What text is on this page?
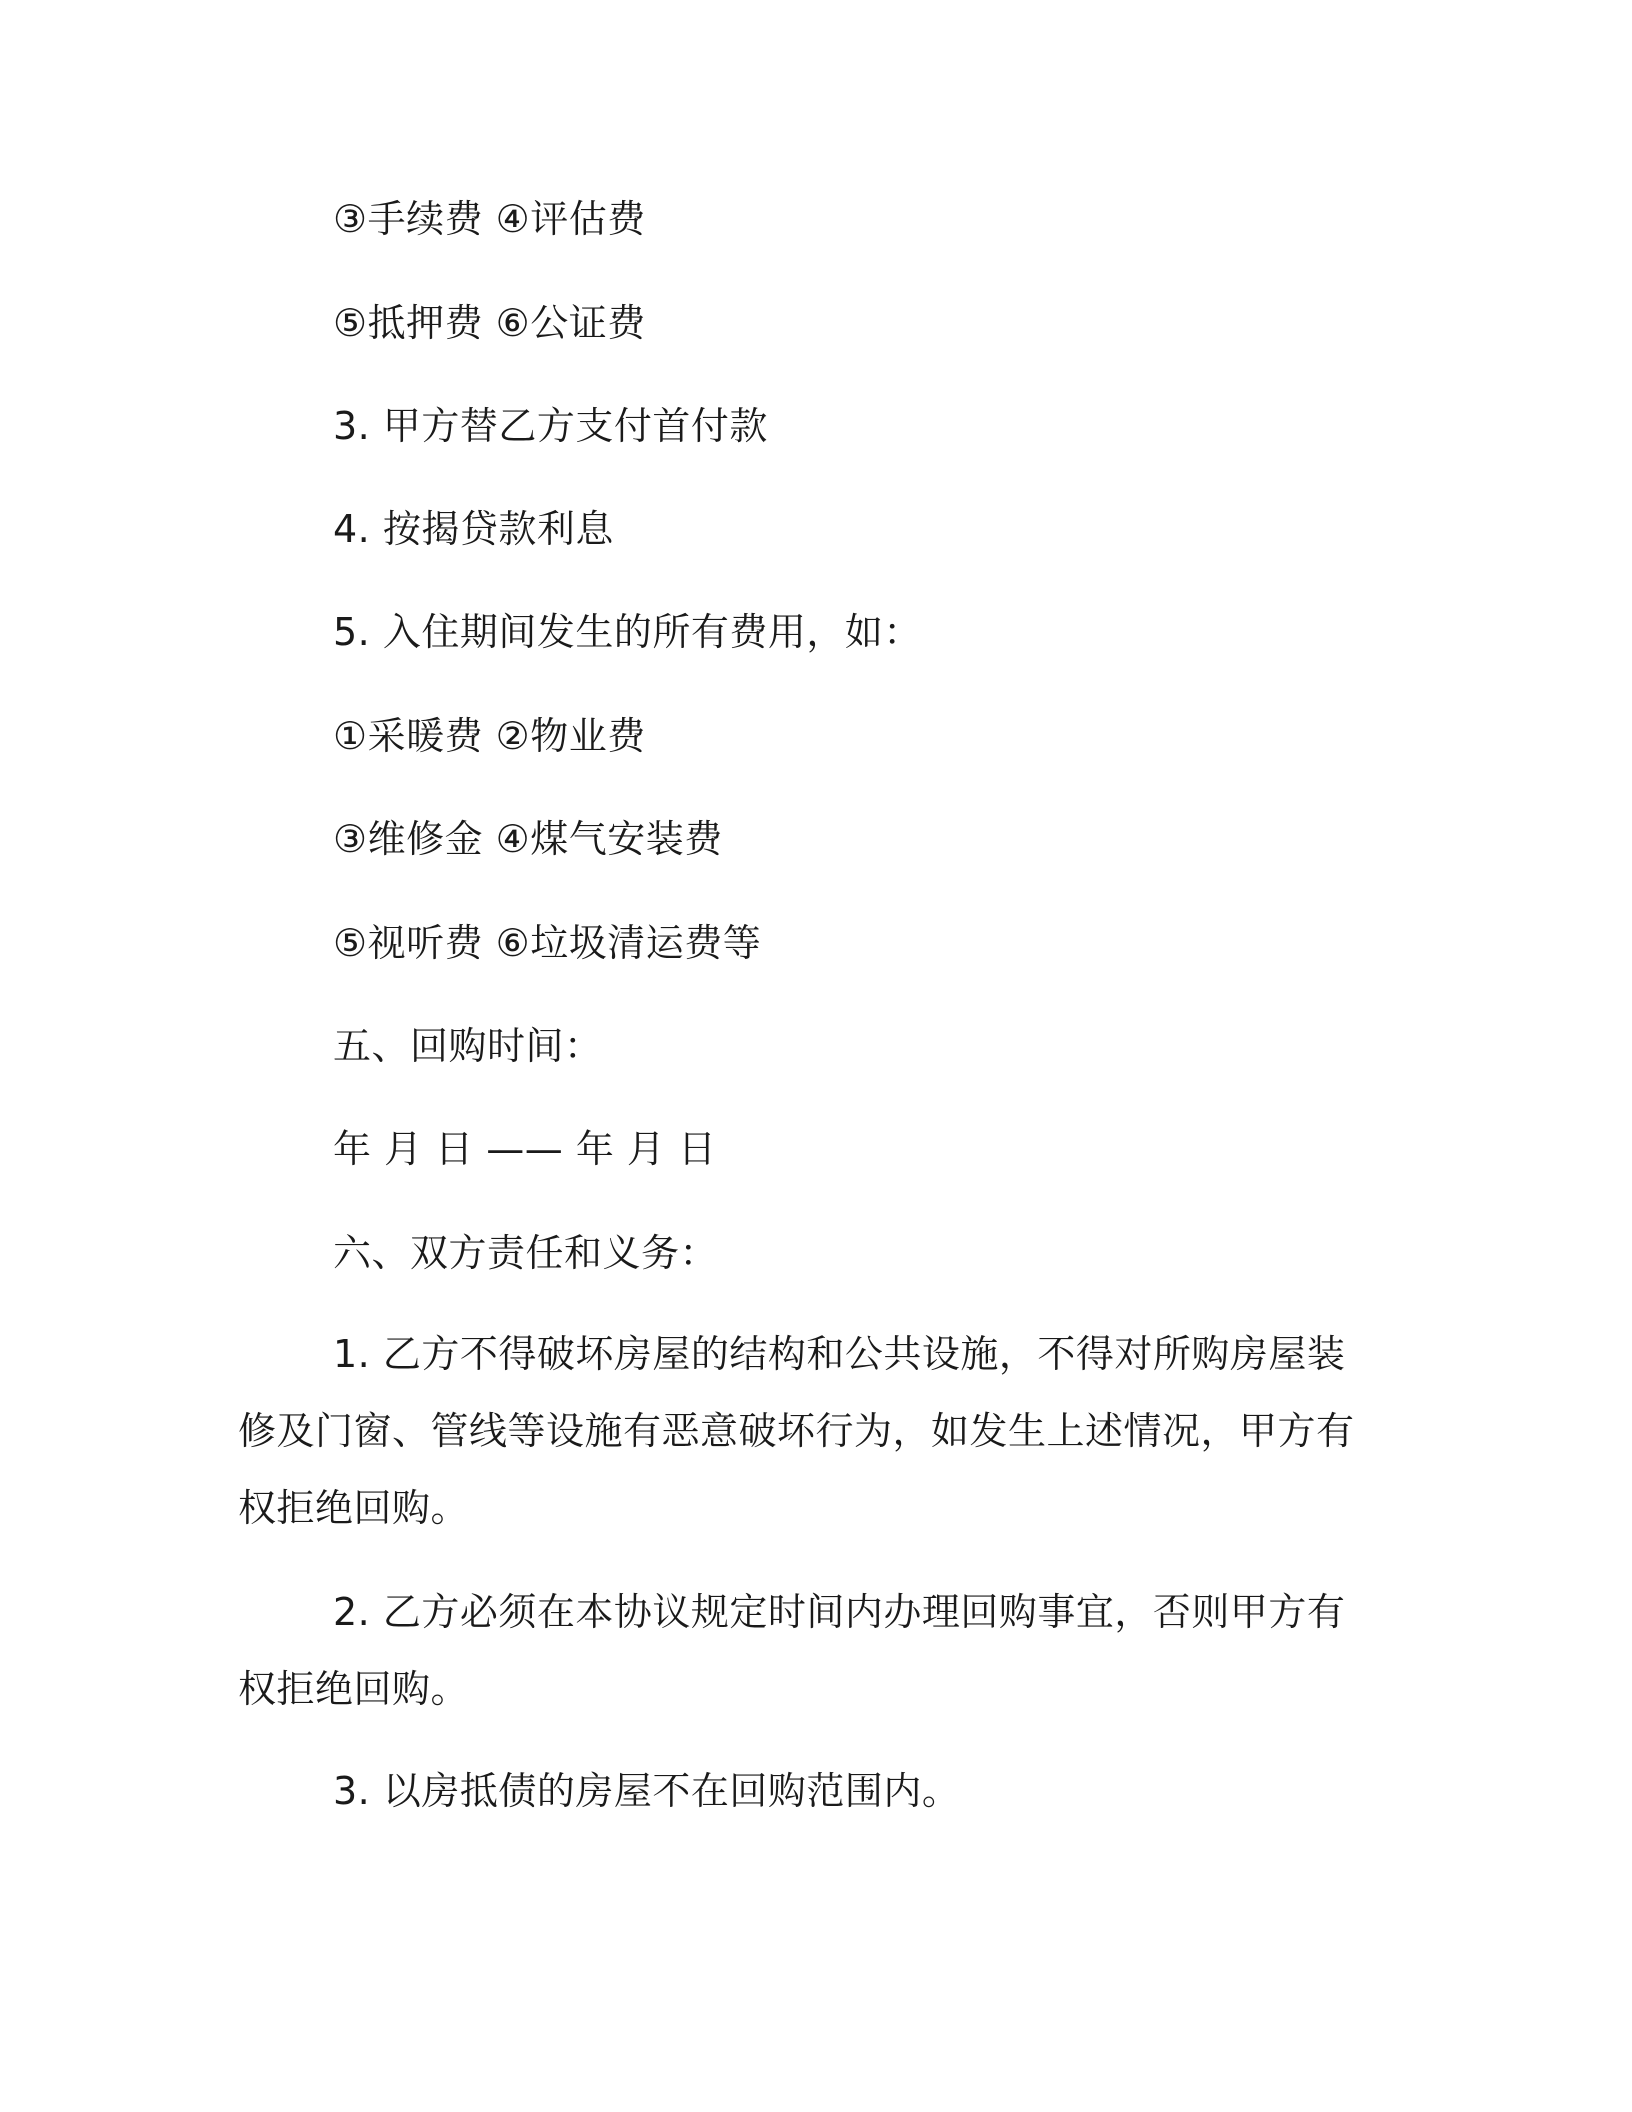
③手续费 ④评估费
⑤抵押费 ⑥公证费
3. 甲方替乙方支付首付款
4. 按揭贷款利息
5. 入住期间发生的所有费用，如：
①采暖费 ②物业费
③维修金 ④煤气安装费
⑤视听费 ⑥垃圾清运费等
五、回购时间：
年 月 日 —— 年 月 日
六、双方责任和义务：

1. 乙方不得破坏房屋的结构和公共设施，不得对所购房屋装修及门窗、管线等设施有恶意破坏行为，如发生上述情况，甲方有权拒绝回购。

2. 乙方必须在本协议规定时间内办理回购事宜，否则甲方有权拒绝回购。

3. 以房抵债的房屋不在回购范围内。
